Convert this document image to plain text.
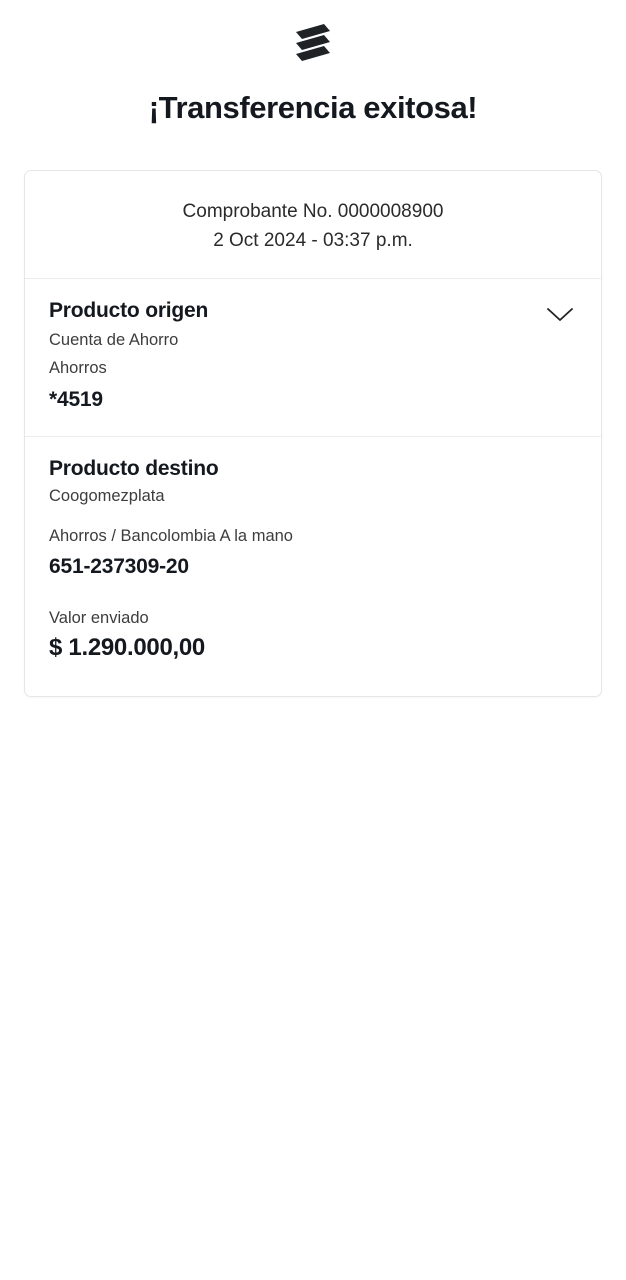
¡Transferencia exitosa!
Comprobante No. 0000008900
2 Oct 2024 - 03:37 p.m.
Producto origen
Cuenta de Ahorro
Ahorros
*4519
Producto destino
Coogomezplata
Ahorros / Bancolombia A la mano
651-237309-20
Valor enviado
$ 1.290.000,00
